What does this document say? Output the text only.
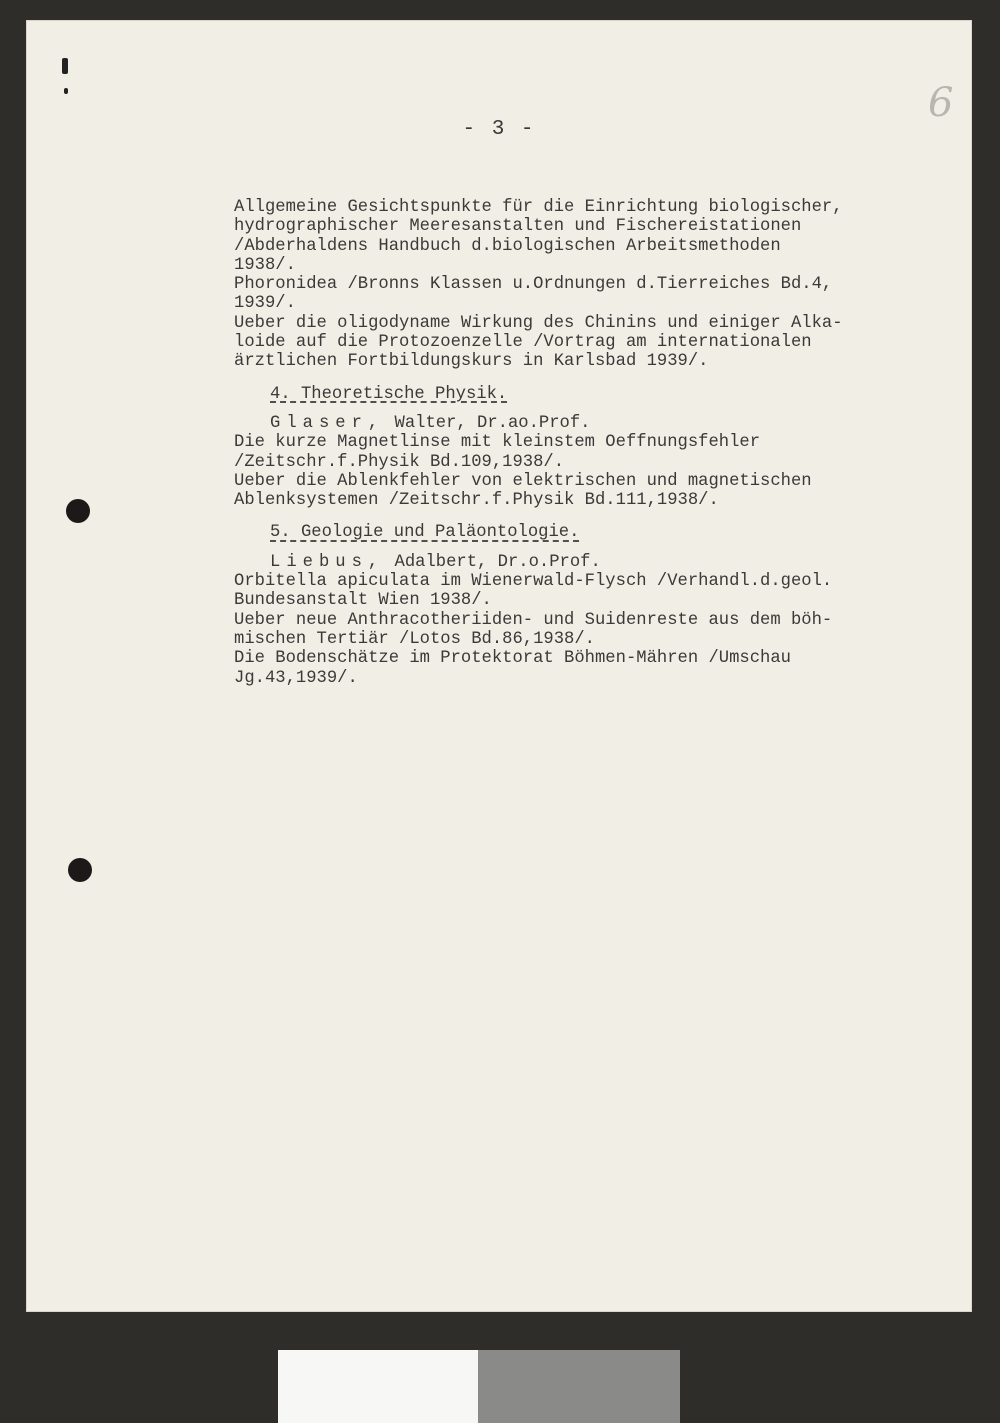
6
- 3 -

Allgemeine Gesichtspunkte für die Einrichtung biologischer,
hydrographischer Meeresanstalten und Fischereistationen
/Abderhaldens Handbuch d.biologischen Arbeitsmethoden
1938/.

Phoronidea /Bronns Klassen u.Ordnungen d.Tierreiches Bd.4,
1939/.

Ueber die oligodyname Wirkung des Chinins und einiger Alka-
loide auf die Protozoenzelle /Vortrag am internationalen
ärztlichen Fortbildungskurs in Karlsbad 1939/.

4. Theoretische Physik.

Glaser, Walter, Dr.ao.Prof.

Die kurze Magnetlinse mit kleinstem Oeffnungsfehler
/Zeitschr.f.Physik Bd.109,1938/.

Ueber die Ablenkfehler von elektrischen und magnetischen
Ablenksystemen /Zeitschr.f.Physik Bd.111,1938/.

5. Geologie und Paläontologie.

Liebus, Adalbert, Dr.o.Prof.

Orbitella apiculata im Wienerwald-Flysch /Verhandl.d.geol.
Bundesanstalt Wien 1938/.

Ueber neue Anthracotheriiden- und Suidenreste aus dem böh-
mischen Tertiär /Lotos Bd.86,1938/.

Die Bodenschätze im Protektorat Böhmen-Mähren /Umschau
Jg.43,1939/.
